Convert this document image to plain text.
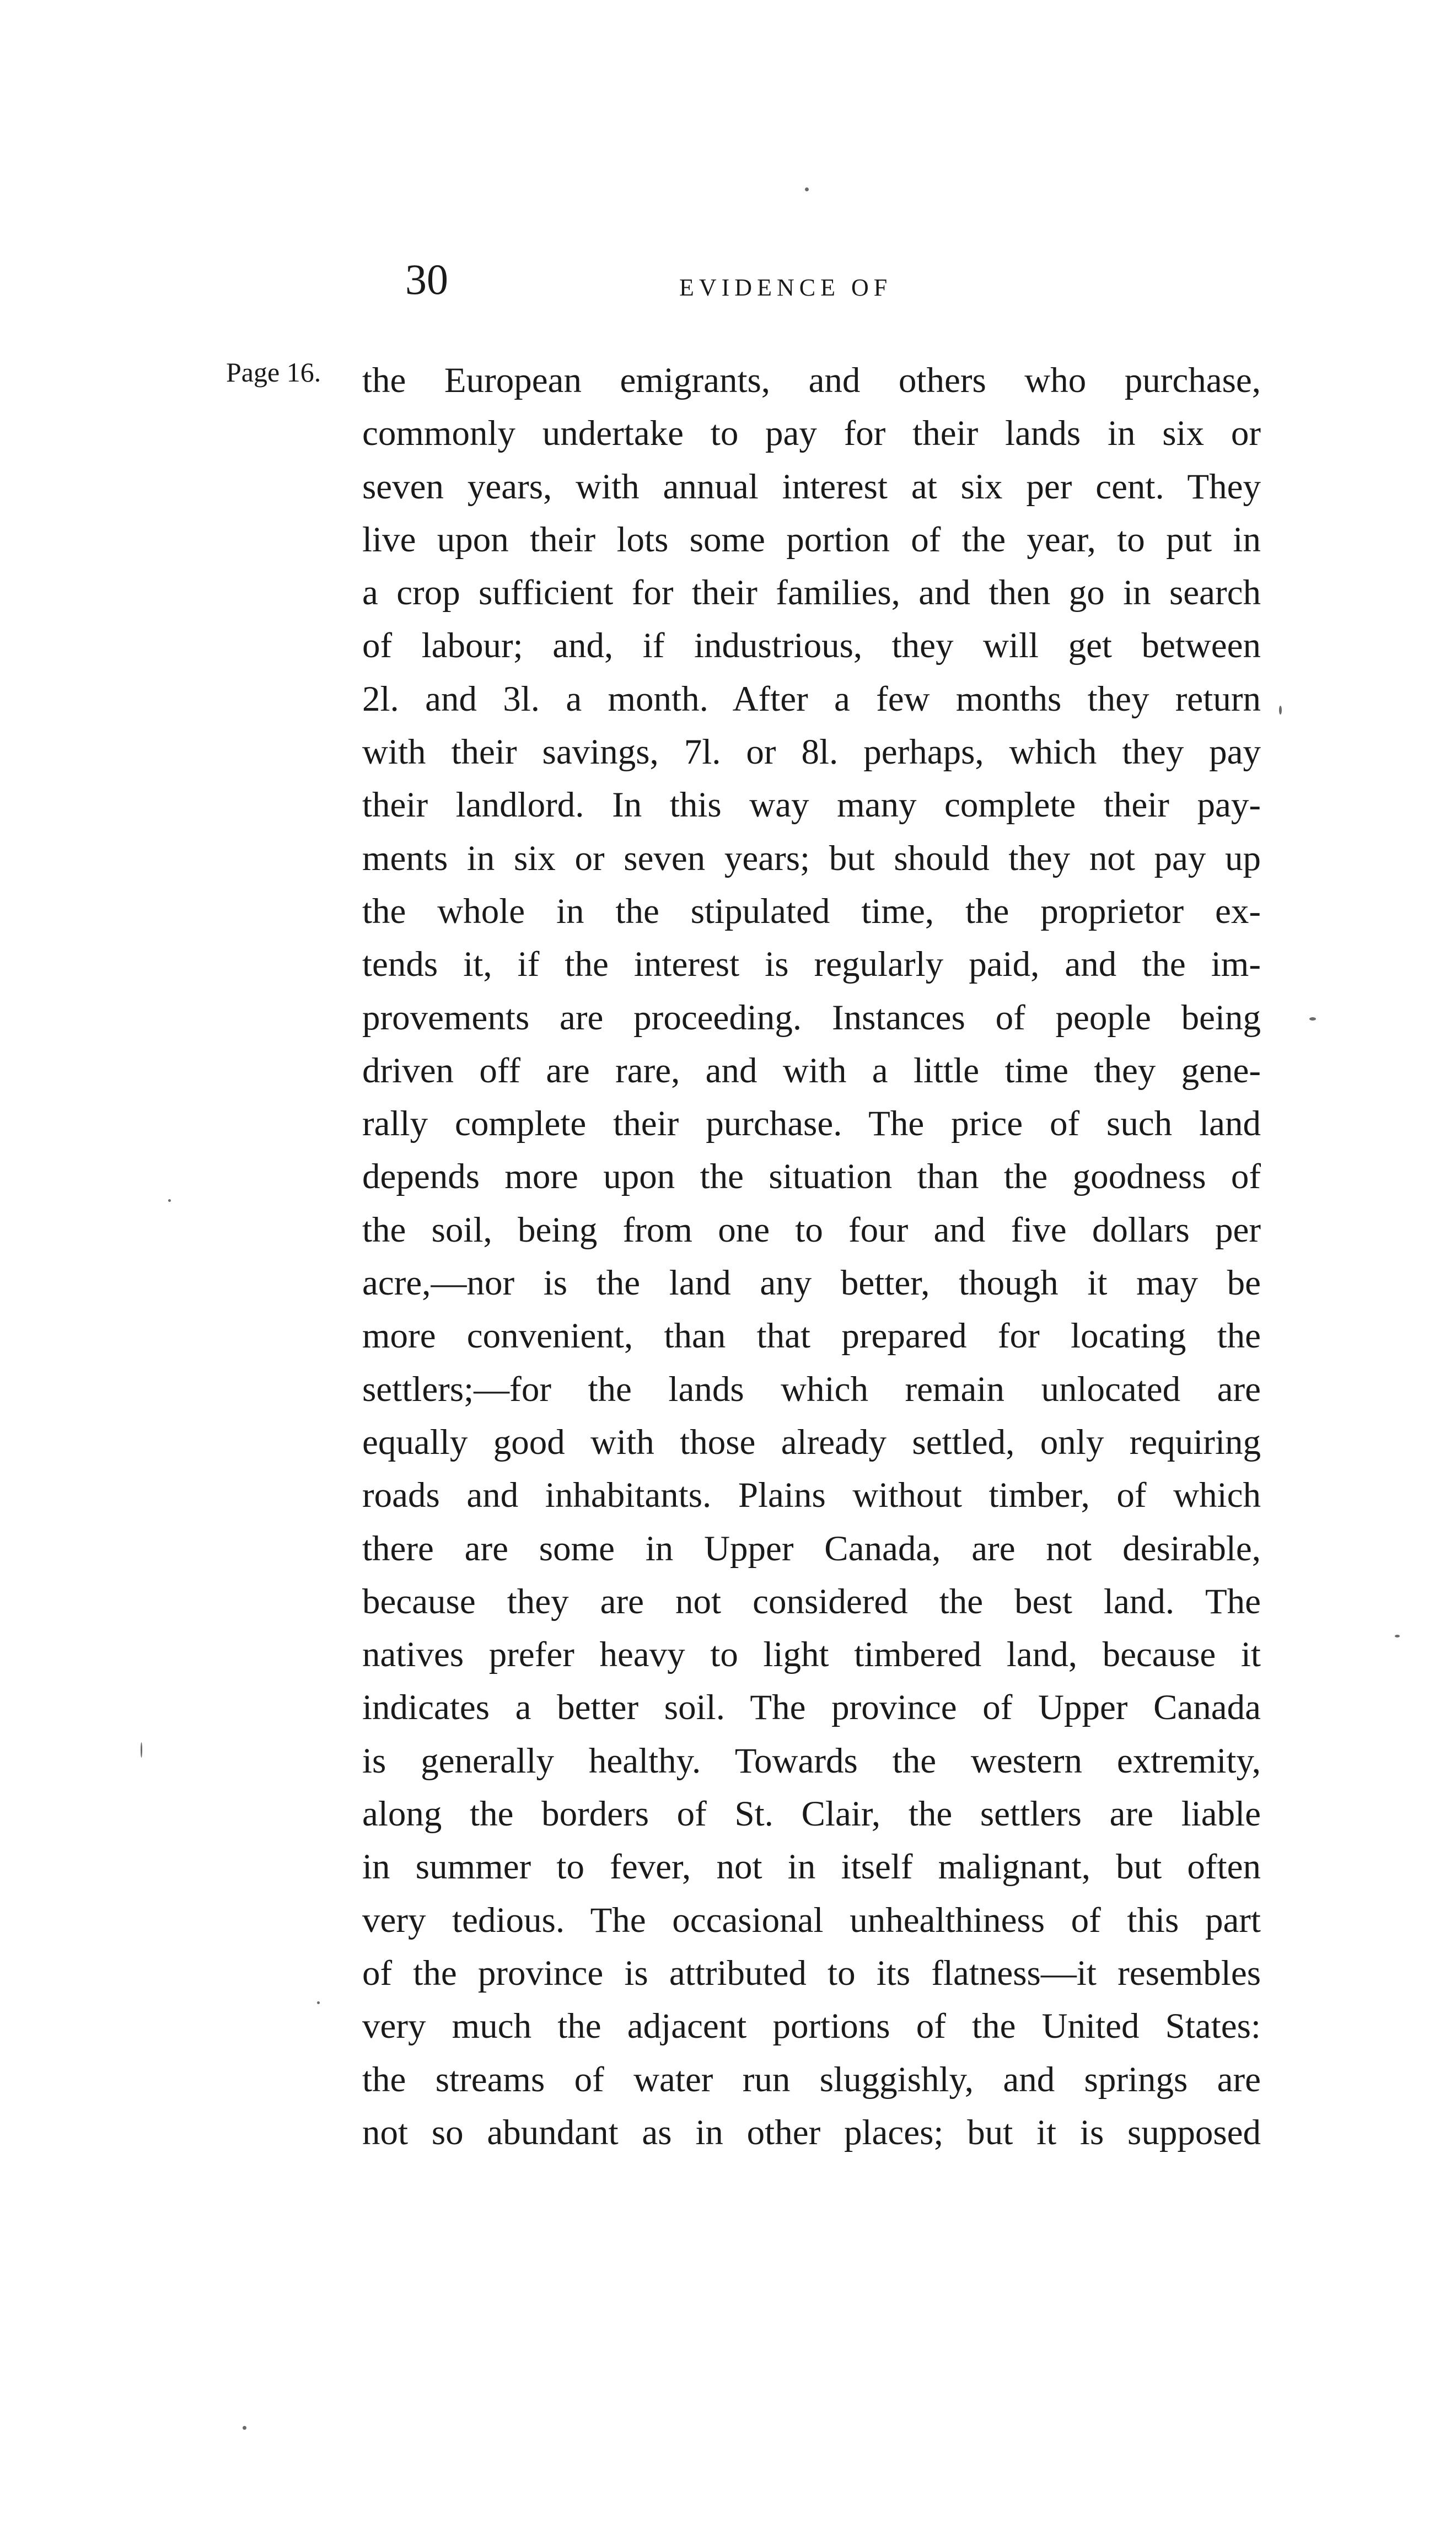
30	EVIDENCE OF
Page 16. the European emigrants, and others who purchase,
commonly undertake to pay for their lands in six or
seven years, with annual interest at six per cent. They
live upon their lots some portion of the year, to put in
a crop sufficient for their families, and then go in search
of labour; and, if industrious, they will get between
2l. and 3l. a month. After a few months they return
with their savings, 7l. or 8l. perhaps, which they pay
their landlord. In this way many complete their pay-
ments in six or seven years; but should they not pay up
the whole in the stipulated time, the proprietor ex-
tends it, if the interest is regularly paid, and the im-
provements are proceeding. Instances of people being
driven off are rare, and with a little time they gene-
rally complete their purchase. The price of such land
depends more upon the situation than the goodness of
the soil, being from one to four and five dollars per
acre,—nor is the land any better, though it may be
more convenient, than that prepared for locating the
settlers;—for the lands which remain unlocated are
equally good with those already settled, only requiring
roads and inhabitants. Plains without timber, of which
there are some in Upper Canada, are not desirable,
because they are not considered the best land. The
natives prefer heavy to light timbered land, because it
indicates a better soil. The province of Upper Canada
is generally healthy. Towards the western extremity,
along the borders of St. Clair, the settlers are liable
in summer to fever, not in itself malignant, but often
very tedious. The occasional unhealthiness of this part
of the province is attributed to its flatness—it resembles
very much the adjacent portions of the United States:
the streams of water run sluggishly, and springs are
not so abundant as in other places; but it is supposed
